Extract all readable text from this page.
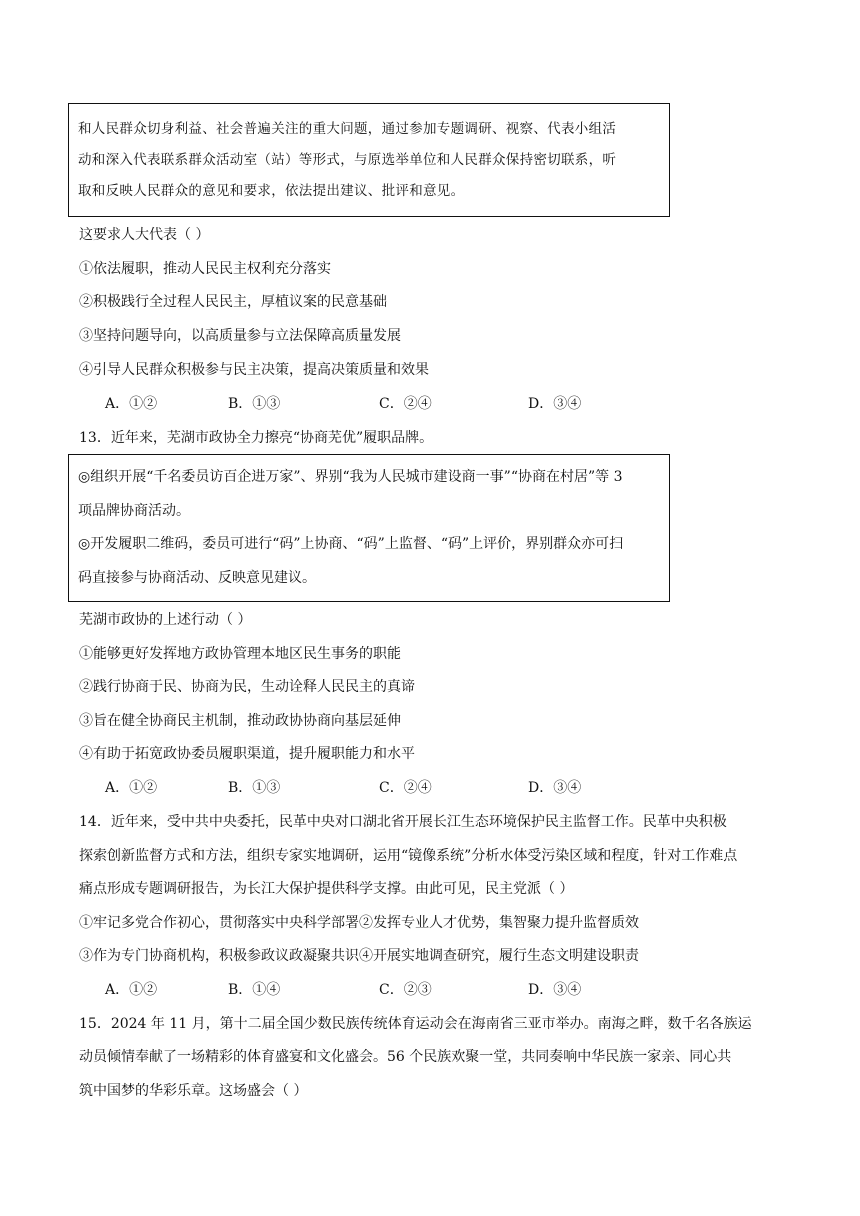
和人民群众切身利益、社会普遍关注的重大问题，通过参加专题调研、视察、代表小组活
动和深入代表联系群众活动室（站）等形式，与原选举单位和人民群众保持密切联系，听
取和反映人民群众的意见和要求，依法提出建议、批评和意见。
这要求人大代表（ ）
①依法履职，推动人民民主权利充分落实
②积极践行全过程人民民主，厚植议案的民意基础
③坚持问题导向，以高质量参与立法保障高质量发展
④引导人民群众积极参与民主决策，提高决策质量和效果
A．①②	B．①③	C．②④	D．③④
13．近年来，芜湖市政协全力擦亮“协商芜优”履职品牌。
◎组织开展“千名委员访百企进万家”、界别“我为人民城市建设商一事”“协商在村居”等 3
项品牌协商活动。
◎开发履职二维码，委员可进行“码”上协商、“码”上监督、“码”上评价，界别群众亦可扫
码直接参与协商活动、反映意见建议。
芜湖市政协的上述行动（ ）
①能够更好发挥地方政协管理本地区民生事务的职能
②践行协商于民、协商为民，生动诠释人民民主的真谛
③旨在健全协商民主机制，推动政协协商向基层延伸
④有助于拓宽政协委员履职渠道，提升履职能力和水平
A．①②	B．①③	C．②④	D．③④
14．近年来，受中共中央委托，民革中央对口湖北省开展长江生态环境保护民主监督工作。民革中央积极
探索创新监督方式和方法，组织专家实地调研，运用“镜像系统”分析水体受污染区域和程度，针对工作难点
痛点形成专题调研报告，为长江大保护提供科学支撑。由此可见，民主党派（ ）
①牢记多党合作初心，贯彻落实中央科学部署②发挥专业人才优势，集智聚力提升监督质效
③作为专门协商机构，积极参政议政凝聚共识④开展实地调查研究，履行生态文明建设职责
A．①②	B．①④	C．②③	D．③④
15．2024 年 11 月，第十二届全国少数民族传统体育运动会在海南省三亚市举办。南海之畔，数千名各族运
动员倾情奉献了一场精彩的体育盛宴和文化盛会。56 个民族欢聚一堂，共同奏响中华民族一家亲、同心共
筑中国梦的华彩乐章。这场盛会（ ）
